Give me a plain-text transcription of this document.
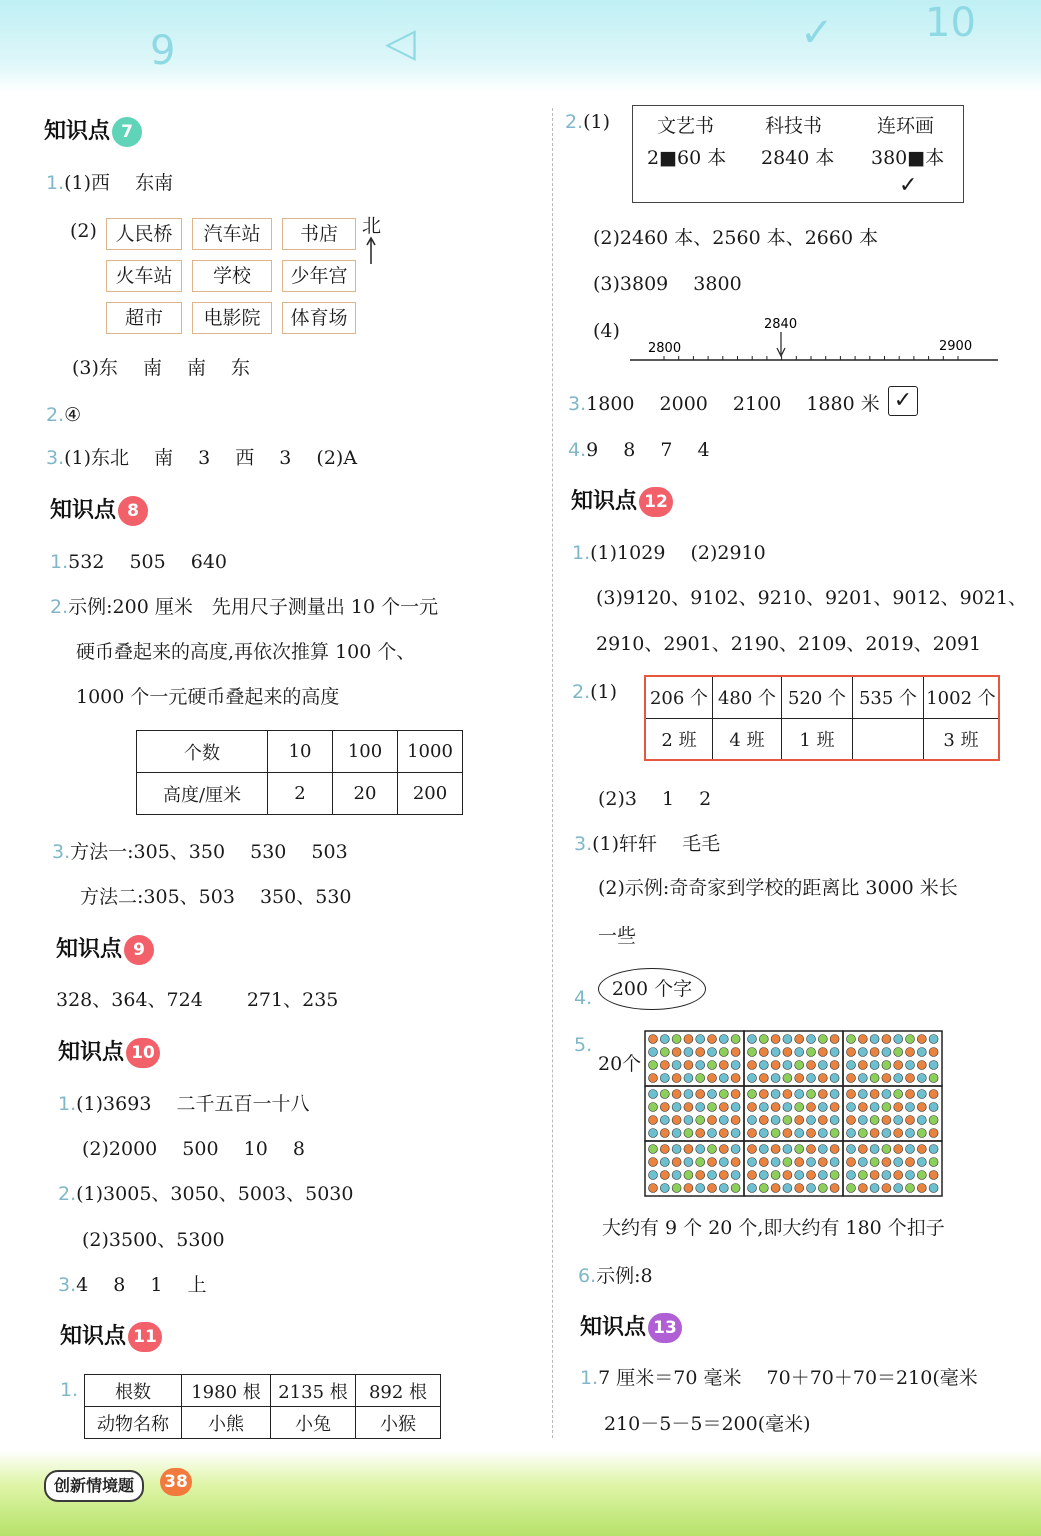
9	◁	✓ 10
知识点 7
1.(1)西　 东南
(2) 人民桥	汽车站	书店
火车站	学校	少年宫
超市	电影院	体育场
北
(3)东　 南　 南　 东
2.④
3.(1)东北　 南　 3　 西　 3　 (2)A
知识点 8
1.532　 505　 640
2.示例:200 厘米　先用尺子测量出 10 个一元
硬币叠起来的高度,再依次推算 100 个、
1000 个一元硬币叠起来的高度
个数	10	100	1000
高度/厘米	2	20	200
3.方法一:305、350　 530　 503
方法二:305、503　 350、530
知识点 9
328、364、724　　 271、235
知识点 10
1.(1)3693　 二千五百一十八
(2)2000　 500　 10　 8
2.(1)3005、3050、5003、5030
(2)3500、5300
3.4　 8　 1　 上
知识点 11
1. 根数	1980 根	2135 根	892 根
动物名称	小熊	小兔	小猴
2.(1) 文艺书	科技书	连环画
2■60 本 2840 本 380■本
✓
(2)2460 本、2560 本、2660 本
(3)3809　 3800
(4)
2800
2840
2900
3.1800　 2000　 2100　 1880 米 ✓
4.9　 8　 7　 4
知识点 12
1.(1)1029　 (2)2910
(3)9120、9102、9210、9201、9012、9021、
2910、2901、2190、2109、2019、2091
2.(1) 206 个	480 个	520 个	535 个	1002 个
2 班	4 班	1 班		3 班
(2)3　 1　 2
3.(1)轩轩　 毛毛
(2)示例:奇奇家到学校的距离比 3000 米长
一些
4.	200 个字
5.
20个
大约有 9 个 20 个,即大约有 180 个扣子
6.示例:8
知识点 13
1.7 厘米＝70 毫米　 70＋70＋70＝210(毫米
210－5－5＝200(毫米)
创新情境题	38
